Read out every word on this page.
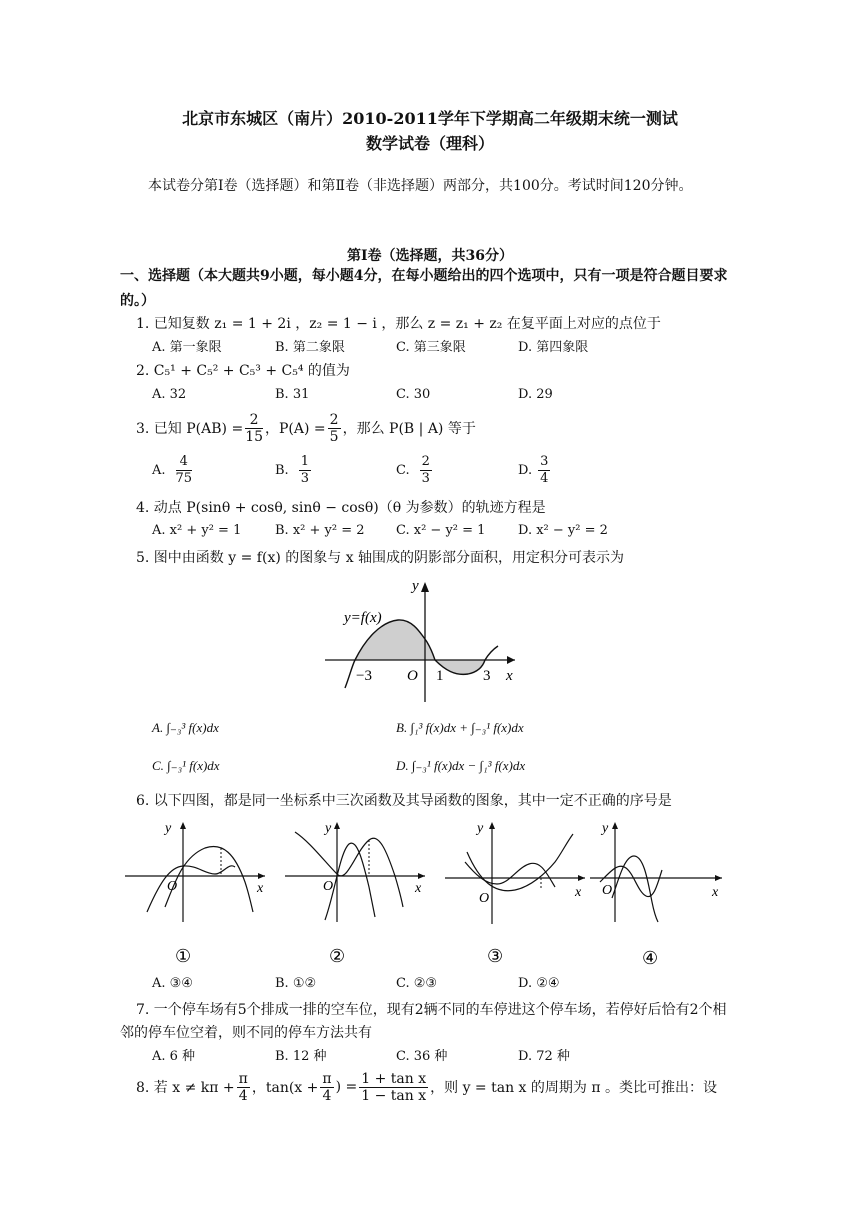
北京市东城区（南片）2010-2011学年下学期高二年级期末统一测试
数学试卷（理科）
本试卷分第Ⅰ卷（选择题）和第Ⅱ卷（非选择题）两部分，共100分。考试时间120分钟。
第Ⅰ卷（选择题，共36分）
一、选择题（本大题共9小题，每小题4分，在每小题给出的四个选项中，只有一项是符合题目要求的。）
1. 已知复数 z₁ = 1 + 2i ，z₂ = 1 − i ，那么 z = z₁ + z₂ 在复平面上对应的点位于
A. 第一象限	B. 第二象限	C. 第三象限	D. 第四象限
2. C₅¹ + C₅² + C₅³ + C₅⁴ 的值为
A. 32	B. 31	C. 30	D. 29
3. 已知 $P(AB) = \frac{2}{15}$ ，$P(A) = \frac{2}{5}$ ，那么 P(B | A) 等于
A. $\frac{4}{75}$	B. $\frac{1}{3}$	C. $\frac{2}{3}$	D. $\frac{3}{4}$
4. 动点 P(sinθ + cosθ, sinθ − cosθ)（θ 为参数）的轨迹方程是
A. x² + y² = 1	B. x² + y² = 2 C. x² − y² = 1	D. x² − y² = 2
5. 图中由函数 y = f(x) 的图象与 x 轴围成的阴影部分面积，用定积分可表示为
y=f(x)
y
x
O
−3	1	3
A. ∫₋₃³ f(x)dx	B. ∫₁³ f(x)dx + ∫₋₃¹ f(x)dx
C. ∫₋₃¹ f(x)dx	D. ∫₋₃¹ f(x)dx − ∫₁³ f(x)dx
6. 以下四图，都是同一坐标系中三次函数及其导函数的图象，其中一定不正确的序号是
y
x
O
①
y
x
O
②
y
x
O
③
y
x
O
④
A. ③④	B. ①②	C. ②③	D. ②④
7. 一个停车场有5个排成一排的空车位，现有2辆不同的车停进这个停车场，若停好后恰有2个相邻的停车位空着，则不同的停车方法共有
A. 6 种	B. 12 种	C. 36 种	D. 72 种
8. 若 $x \ne k\pi + \frac{\pi}{4}$ ，$\tan(x + \frac{\pi}{4}$ ) = $\frac{\text{1 + tan x}}{\text{1 − tan x}}$ ，则 y = tan x 的周期为 π 。类比可推出：设
